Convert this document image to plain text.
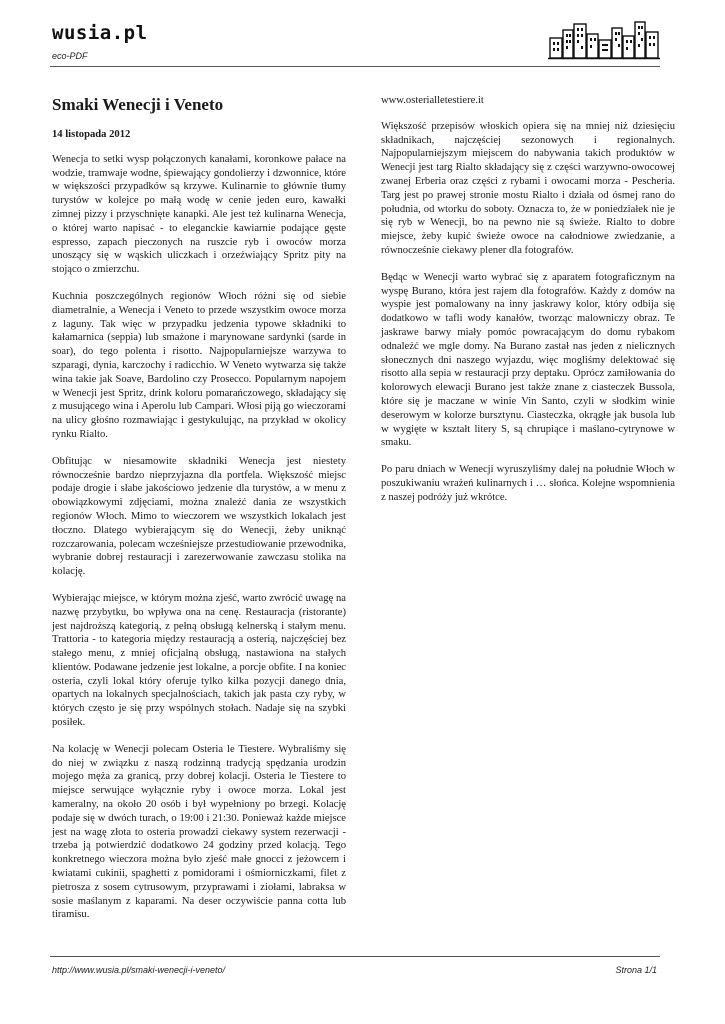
wusia.pl
eco-PDF
Smaki Wenecji i Veneto
14 listopada 2012

Wenecja to setki wysp połączonych kanałami, koronkowe pałace na wodzie, tramwaje wodne, śpiewający gondolierzy i dzwonnice, które w większości przypadków są krzywe. Kulinarnie to głównie tłumy turystów w kolejce po małą wodę w cenie jeden euro, kawałki zimnej pizzy i przyschnięte kanapki. Ale jest też kulinarna Wenecja, o której warto napisać - to eleganckie kawiarnie podające gęste espresso, zapach pieczonych na ruszcie ryb i owoców morza unoszący się w wąskich uliczkach i orzeźwiający Spritz pity na stojąco o zmierzchu.

Kuchnia poszczególnych regionów Włoch różni się od siebie diametralnie, a Wenecja i Veneto to przede wszystkim owoce morza z laguny. Tak więc w przypadku jedzenia typowe składniki to kałamarnica (seppia) lub smażone i marynowane sardynki (sarde in soar), do tego polenta i risotto. Najpopularniejsze warzywa to szparagi, dynia, karczochy i radicchio. W Veneto wytwarza się także wina takie jak Soave, Bardolino czy Prosecco. Popularnym napojem w Wenecji jest Spritz, drink koloru pomarańczowego, składający się z musującego wina i Aperolu lub Campari. Włosi piją go wieczorami na ulicy głośno rozmawiając i gestykulując, na przykład w okolicy rynku Rialto.

Obfitując w niesamowite składniki Wenecja jest niestety równocześnie bardzo nieprzyjazna dla portfela. Większość miejsc podaje drogie i słabe jakościowo jedzenie dla turystów, a w menu z obowiązkowymi zdjęciami, można znaleźć dania ze wszystkich regionów Włoch. Mimo to wieczorem we wszystkich lokalach jest tłoczno. Dlatego wybierającym się do Wenecji, żeby uniknąć rozczarowania, polecam wcześniejsze przestudiowanie przewodnika, wybranie dobrej restauracji i zarezerwowanie zawczasu stolika na kolację.

Wybierając miejsce, w którym można zjeść, warto zwrócić uwagę na nazwę przybytku, bo wpływa ona na cenę. Restauracja (ristorante) jest najdroższą kategorią, z pełną obsługą kelnerską i stałym menu. Trattoria - to kategoria między restauracją a osterią, najczęściej bez stałego menu, z mniej oficjalną obsługą, nastawiona na stałych klientów. Podawane jedzenie jest lokalne, a porcje obfite. I na koniec osteria, czyli lokal który oferuje tylko kilka pozycji danego dnia, opartych na lokalnych specjalnościach, takich jak pasta czy ryby, w których często je się przy wspólnych stołach. Nadaje się na szybki posiłek.

Na kolację w Wenecji polecam Osteria le Tiestere. Wybraliśmy się do niej w związku z naszą rodzinną tradycją spędzania urodzin mojego męża za granicą, przy dobrej kolacji. Osteria le Tiestere to miejsce serwujące wyłącznie ryby i owoce morza. Lokal jest kameralny, na około 20 osób i był wypełniony po brzegi. Kolację podaje się w dwóch turach, o 19:00 i 21:30. Ponieważ każde miejsce jest na wagę złota to osteria prowadzi ciekawy system rezerwacji - trzeba ją potwierdzić dodatkowo 24 godziny przed kolacją. Tego konkretnego wieczora można było zjeść małe gnocci z jeżowcem i kwiatami cukinii, spaghetti z pomidorami i ośmiorniczkami, filet z pietrosza z sosem cytrusowym, przyprawami i ziołami, labraksa w sosie maślanym z kaparami. Na deser oczywiście panna cotta lub tiramisu.

www.osterialletestiere.it

Większość przepisów włoskich opiera się na mniej niż dziesięciu składnikach, najczęściej sezonowych i regionalnych. Najpopularniejszym miejscem do nabywania takich produktów w Wenecji jest targ Rialto składający się z części warzywno-owocowej zwanej Erberia oraz części z rybami i owocami morza - Pescheria. Targ jest po prawej stronie mostu Rialto i działa od ósmej rano do południa, od wtorku do soboty. Oznacza to, że w poniedziałek nie je się ryb w Wenecji, bo na pewno nie są świeże. Rialto to dobre miejsce, żeby kupić świeże owoce na całodniowe zwiedzanie, a równocześnie ciekawy plener dla fotografów.

Będąc w Wenecji warto wybrać się z aparatem fotograficznym na wyspę Burano, która jest rajem dla fotografów. Każdy z domów na wyspie jest pomalowany na inny jaskrawy kolor, który odbija się dodatkowo w tafli wody kanałów, tworząc malowniczy obraz. Te jaskrawe barwy miały pomóc powracającym do domu rybakom odnaleźć we mgle domy. Na Burano zastał nas jeden z nielicznych słonecznych dni naszego wyjazdu, więc mogliśmy delektować się risotto alla sepia w restauracji przy deptaku. Oprócz zamiłowania do kolorowych elewacji Burano jest także znane z ciasteczek Bussola, które się je maczane w winie Vin Santo, czyli w słodkim winie deserowym w kolorze bursztynu. Ciasteczka, okrągłe jak busola lub w wygięte w kształt litery S, są chrupiące i maślano-cytrynowe w smaku.

Po paru dniach w Wenecji wyruszyliśmy dalej na południe Włoch w poszukiwaniu wrażeń kulinarnych i … słońca. Kolejne wspomnienia z naszej podróży już wkrótce.

http://www.wusia.pl/smaki-wenecji-i-veneto/	Strona 1/1
